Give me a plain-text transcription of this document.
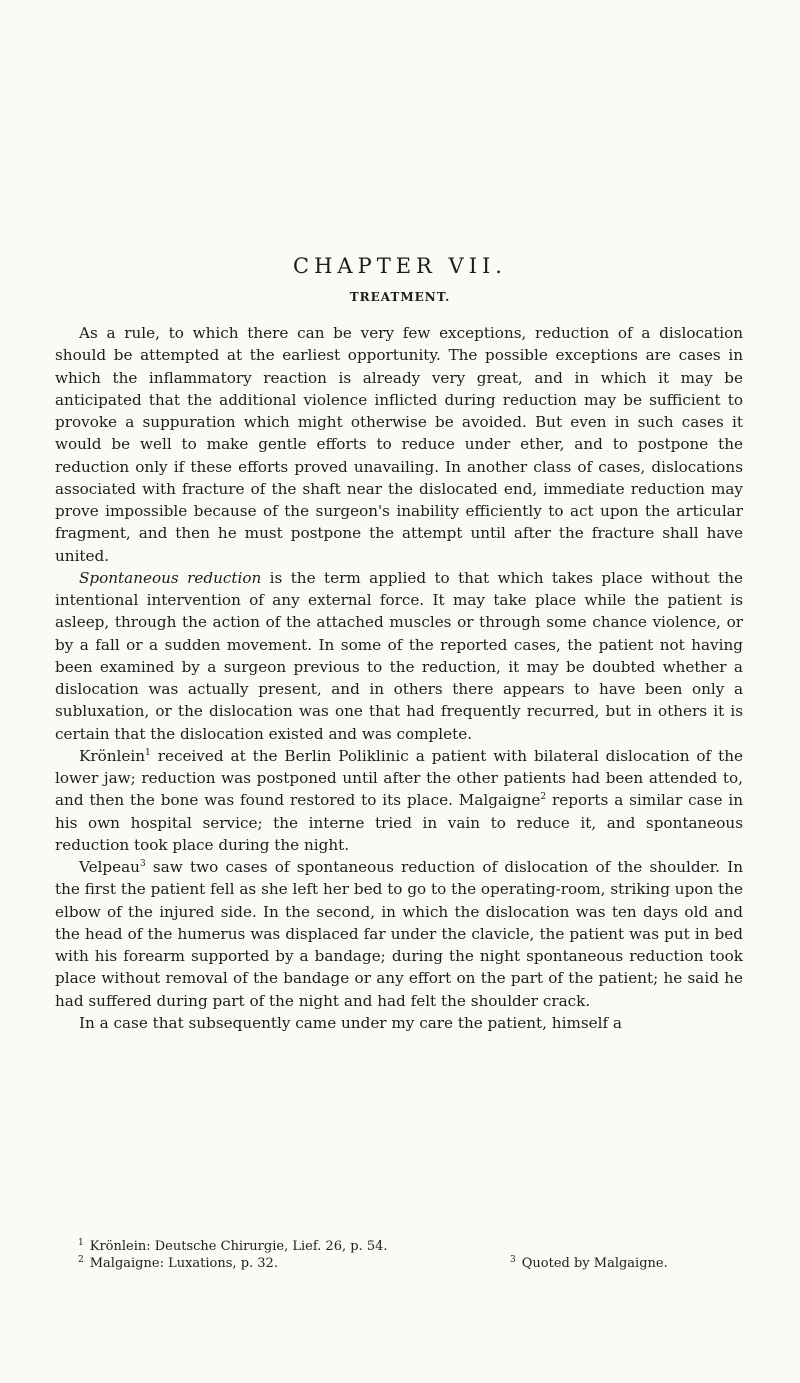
CHAPTER VII.
TREATMENT.

As a rule, to which there can be very few exceptions, reduction of a dislocation should be attempted at the earliest opportunity. The possible exceptions are cases in which the inflammatory reaction is already very great, and in which it may be anticipated that the additional violence inflicted during reduction may be sufficient to provoke a suppuration which might otherwise be avoided. But even in such cases it would be well to make gentle efforts to reduce under ether, and to postpone the reduction only if these efforts proved unavailing. In another class of cases, dislocations associated with fracture of the shaft near the dislocated end, immediate reduction may prove impossible because of the surgeon's inability efficiently to act upon the articular fragment, and then he must postpone the attempt until after the fracture shall have united.

Spontaneous reduction is the term applied to that which takes place without the intentional intervention of any external force. It may take place while the patient is asleep, through the action of the attached muscles or through some chance violence, or by a fall or a sudden movement. In some of the reported cases, the patient not having been examined by a surgeon previous to the reduction, it may be doubted whether a dislocation was actually present, and in others there appears to have been only a subluxation, or the dislocation was one that had frequently recurred, but in others it is certain that the dislocation existed and was complete.

Krönlein$^1$ received at the Berlin Poliklinic a patient with bilateral dislocation of the lower jaw; reduction was postponed until after the other patients had been attended to, and then the bone was found restored to its place. Malgaigne$^2$ reports a similar case in his own hospital service; the interne tried in vain to reduce it, and spontaneous reduction took place during the night.

Velpeau$^3$ saw two cases of spontaneous reduction of dislocation of the shoulder. In the first the patient fell as she left her bed to go to the operating-room, striking upon the elbow of the injured side. In the second, in which the dislocation was ten days old and the head of the humerus was displaced far under the clavicle, the patient was put in bed with his forearm supported by a bandage; during the night spontaneous reduction took place without removal of the bandage or any effort on the part of the patient; he said he had suffered during part of the night and had felt the shoulder crack.

In a case that subsequently came under my care the patient, himself a

$^1$ Krönlein: Deutsche Chirurgie, Lief. 26, p. 54.
$^2$ Malgaigne: Luxations, p. 32.	$^3$ Quoted by Malgaigne.
